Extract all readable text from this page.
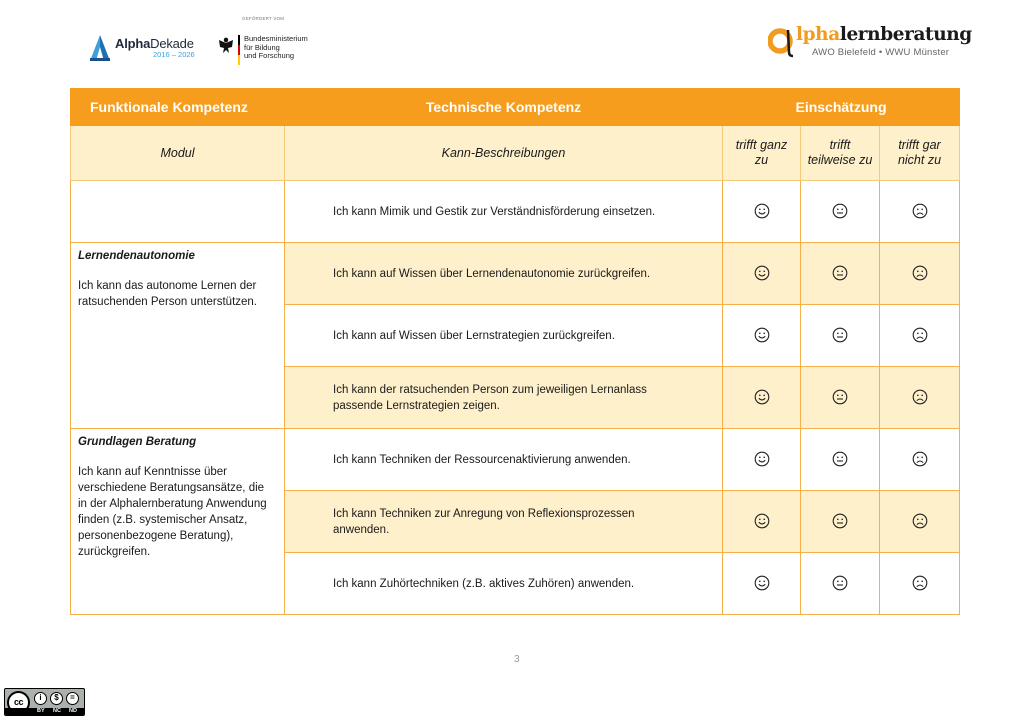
AlphaDekade
2016 – 2026
GEFÖRDERT VOM
Bundesministerium
für Bildung
und Forschung
lphalernberatung
AWO Bielefeld • WWU Münster
Funktionale Kompetenz	Technische Kompetenz	Einschätzung		
Modul	Kann-Beschreibungen	trifft ganz zu	trifft teilweise zu	trifft gar nicht zu
	Ich kann Mimik und Gestik zur Verständnisförderung einsetzen.	

Lernendenautonomie
Ich kann das autonome Lernen der ratsuchenden Person unterstützen.	Ich kann auf Wissen über Lernendenautonomie zurückgreifen.	

	Ich kann auf Wissen über Lernstrategien zurückgreifen.	

	Ich kann der ratsuchenden Person zum jeweiligen Lernanlass passende Lernstrategien zeigen.	

Grundlagen Beratung
Ich kann auf Kenntnisse über verschiedene Beratungsansätze, die in der Alphalernberatung Anwendung finden (z.B. systemischer Ansatz, personenbezogene Beratung), zurückgreifen.	Ich kann Techniken der Ressourcenaktivierung anwenden.	

	Ich kann Techniken zur Anregung von Reflexionsprozessen anwenden.	

	Ich kann Zuhörtechniken (z.B. aktives Zuhören) anwenden.	

3
cc	i	$	=
BY NC ND
